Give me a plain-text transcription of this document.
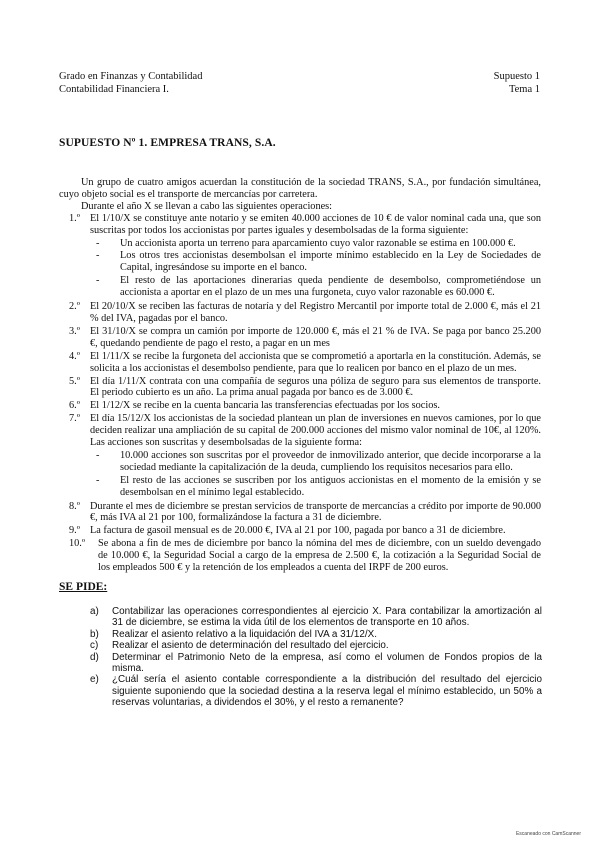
Grado en Finanzas y Contabilidad
Contabilidad Financiera I.
Supuesto 1
Tema 1
SUPUESTO Nº 1. EMPRESA TRANS, S.A.

Un grupo de cuatro amigos acuerdan la constitución de la sociedad TRANS, S.A., por fundación simultánea, cuyo objeto social es el transporte de mercancías por carretera.

Durante el año X se llevan a cabo las siguientes operaciones:

1.º El 1/10/X se constituye ante notario y se emiten 40.000 acciones de 10 € de valor nominal cada una, que son suscritas por todos los accionistas por partes iguales y desembolsadas de la forma siguiente:
-	Un accionista aporta un terreno para aparcamiento cuyo valor razonable se estima en 100.000 €.
-	Los otros tres accionistas desembolsan el importe mínimo establecido en la Ley de Sociedades de Capital, ingresándose su importe en el banco.
-	El resto de las aportaciones dinerarias queda pendiente de desembolso, comprometiéndose un accionista a aportar en el plazo de un mes una furgoneta, cuyo valor razonable es 60.000 €.
2.º El 20/10/X se reciben las facturas de notaría y del Registro Mercantil por importe total de 2.000 €, más el 21 % del IVA, pagadas por el banco.
3.º El 31/10/X se compra un camión por importe de 120.000 €, más el 21 % de IVA. Se paga por banco 25.200 €, quedando pendiente de pago el resto, a pagar en un mes
4.º El 1/11/X se recibe la furgoneta del accionista que se comprometió a aportarla en la constitución. Además, se solicita a los accionistas el desembolso pendiente, para que lo realicen por banco en el plazo de un mes.
5.º El día 1/11/X contrata con una compañía de seguros una póliza de seguro para sus elementos de transporte. El periodo cubierto es un año. La prima anual pagada por banco es de 3.000 €.
6.º El 1/12/X se recibe en la cuenta bancaria las transferencias efectuadas por los socios.
7.º El día 15/12/X los accionistas de la sociedad plantean un plan de inversiones en nuevos camiones, por lo que deciden realizar una ampliación de su capital de 200.000 acciones del mismo valor nominal de 10€, al 120%. Las acciones son suscritas y desembolsadas de la siguiente forma:
-	10.000 acciones son suscritas por el proveedor de inmovilizado anterior, que decide incorporarse a la sociedad mediante la capitalización de la deuda, cumpliendo los requisitos necesarios para ello.
-	El resto de las acciones se suscriben por los antiguos accionistas en el momento de la emisión y se desembolsan en el mínimo legal establecido.
8.º Durante el mes de diciembre se prestan servicios de transporte de mercancías a crédito por importe de 90.000 €, más IVA al 21 por 100, formalizándose la factura a 31 de diciembre.
9.º La factura de gasoil mensual es de 20.000 €, IVA al 21 por 100, pagada por banco a 31 de diciembre.
10.º	Se abona a fin de mes de diciembre por banco la nómina del mes de diciembre, con un sueldo devengado de 10.000 €, la Seguridad Social a cargo de la empresa de 2.500 €, la cotización a la Seguridad Social de los empleados 500 € y la retención de los empleados a cuenta del IRPF de 200 euros.
SE PIDE:
a)	Contabilizar las operaciones correspondientes al ejercicio X. Para contabilizar la amortización al 31 de diciembre, se estima la vida útil de los elementos de transporte en 10 años.
b)	Realizar el asiento relativo a la liquidación del IVA a 31/12/X.
c)	Realizar el asiento de determinación del resultado del ejercicio.
d)	Determinar el Patrimonio Neto de la empresa, así como el volumen de Fondos propios de la misma.
e)	¿Cuál sería el asiento contable correspondiente a la distribución del resultado del ejercicio siguiente suponiendo que la sociedad destina a la reserva legal el mínimo establecido, un 50% a reservas voluntarias, a dividendos el 30%, y el resto a remanente?
Escaneado con CamScanner
